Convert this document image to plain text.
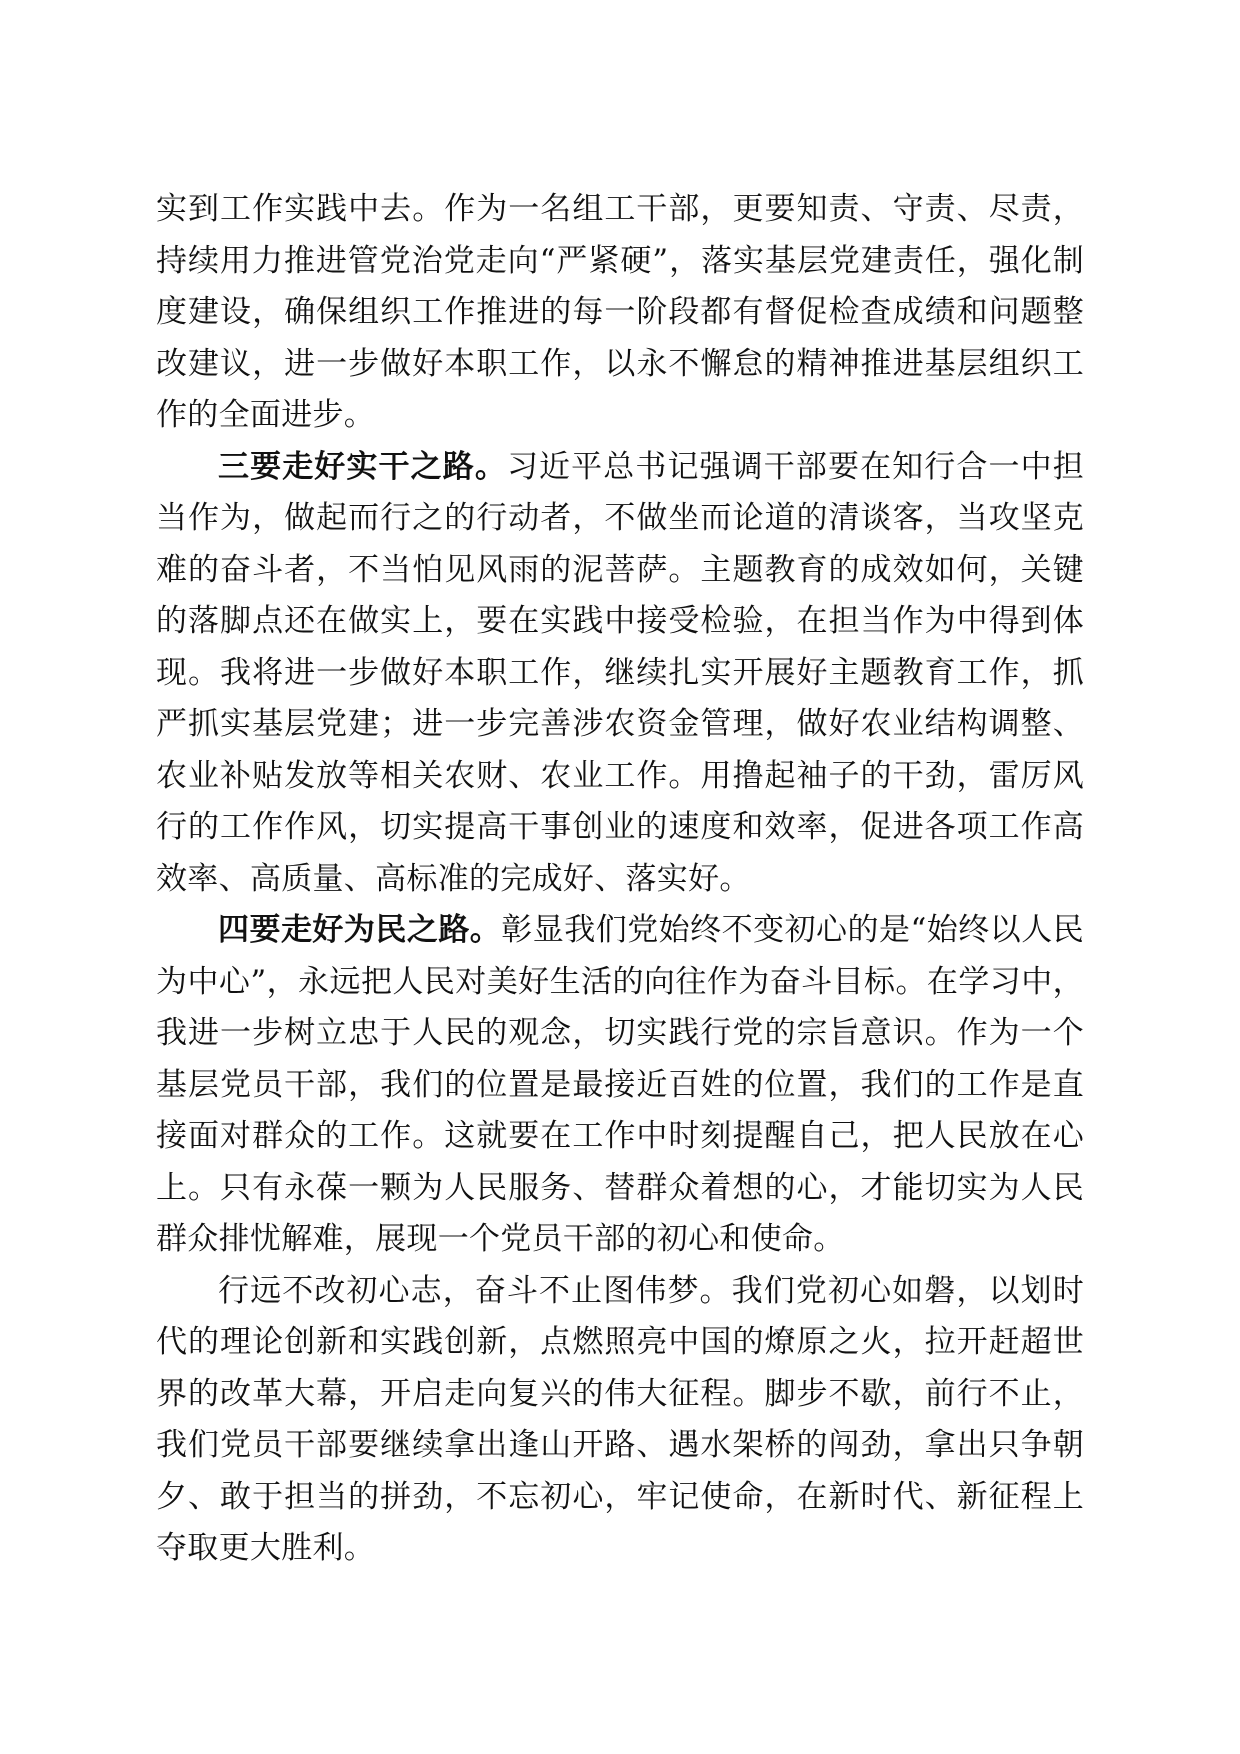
实到工作实践中去。作为一名组工干部，更要知责、守责、尽责，持续用力推进管党治党走向“严紧硬”，落实基层党建责任，强化制度建设，确保组织工作推进的每一阶段都有督促检查成绩和问题整改建议，进一步做好本职工作，以永不懈怠的精神推进基层组织工作的全面进步。

三要走好实干之路。习近平总书记强调干部要在知行合一中担当作为，做起而行之的行动者，不做坐而论道的清谈客，当攻坚克难的奋斗者，不当怕见风雨的泥菩萨。主题教育的成效如何，关键的落脚点还在做实上，要在实践中接受检验，在担当作为中得到体现。我将进一步做好本职工作，继续扎实开展好主题教育工作，抓严抓实基层党建；进一步完善涉农资金管理，做好农业结构调整、农业补贴发放等相关农财、农业工作。用撸起袖子的干劲，雷厉风行的工作作风，切实提高干事创业的速度和效率，促进各项工作高效率、高质量、高标准的完成好、落实好。

四要走好为民之路。彰显我们党始终不变初心的是“始终以人民为中心”，永远把人民对美好生活的向往作为奋斗目标。在学习中，我进一步树立忠于人民的观念，切实践行党的宗旨意识。作为一个基层党员干部，我们的位置是最接近百姓的位置，我们的工作是直接面对群众的工作。这就要在工作中时刻提醒自己，把人民放在心上。只有永葆一颗为人民服务、替群众着想的心，才能切实为人民群众排忧解难，展现一个党员干部的初心和使命。

行远不改初心志，奋斗不止图伟梦。我们党初心如磐，以划时代的理论创新和实践创新，点燃照亮中国的燎原之火，拉开赶超世界的改革大幕，开启走向复兴的伟大征程。脚步不歇，前行不止，我们党员干部要继续拿出逢山开路、遇水架桥的闯劲，拿出只争朝夕、敢于担当的拼劲，不忘初心，牢记使命，在新时代、新征程上夺取更大胜利。
